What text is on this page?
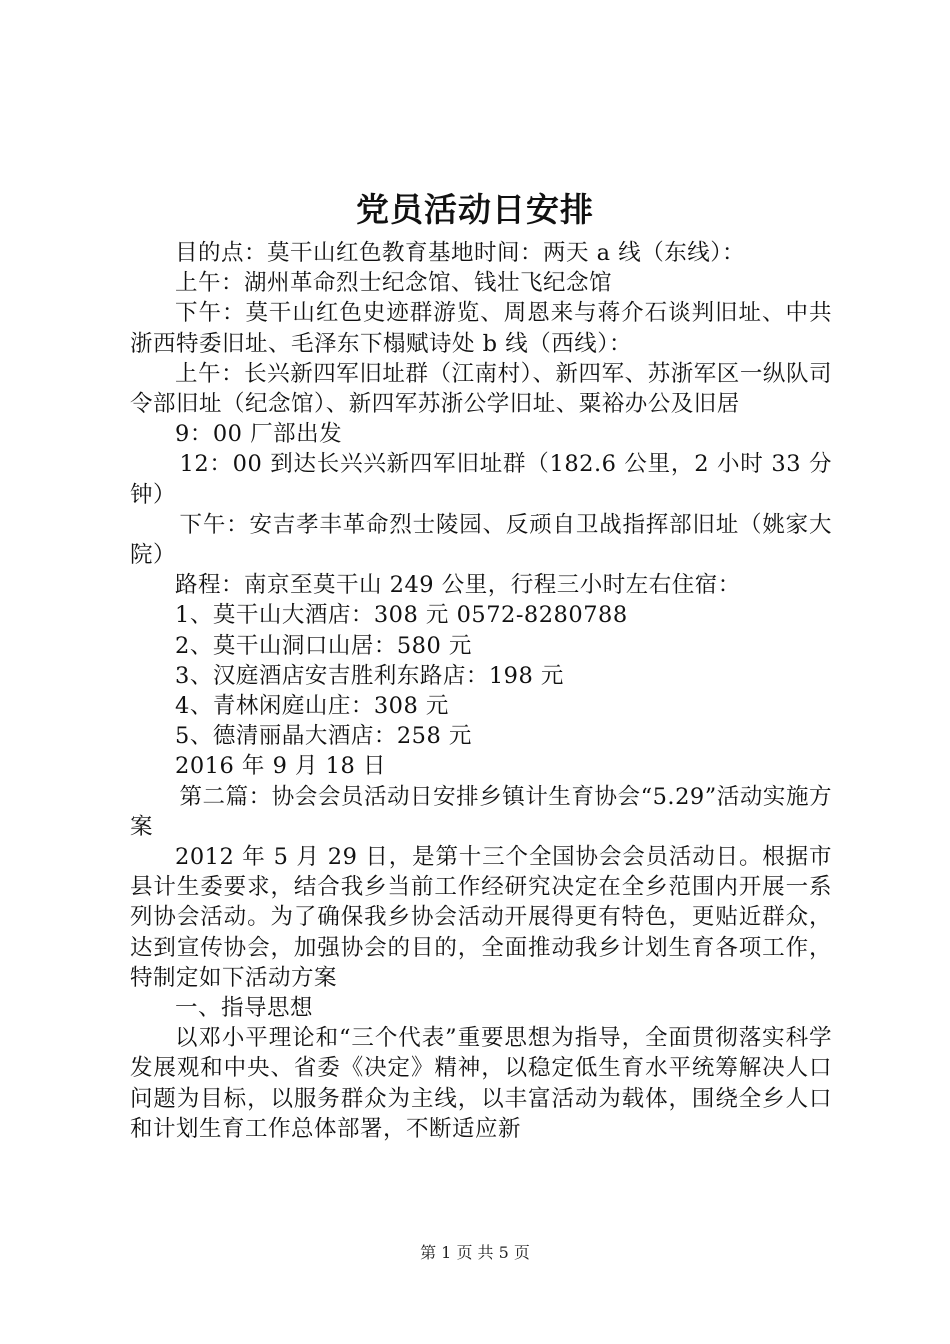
党员活动日安排

目的点：莫干山红色教育基地时间：两天 a 线（东线）：

上午：湖州革命烈士纪念馆、钱壮飞纪念馆

下午：莫干山红色史迹群游览、周恩来与蒋介石谈判旧址、中共浙西特委旧址、毛泽东下榻赋诗处 b 线（西线）：

上午：长兴新四军旧址群（江南村）、新四军、苏浙军区一纵队司令部旧址（纪念馆）、新四军苏浙公学旧址、粟裕办公及旧居

9：00 厂部出发

12：00 到达长兴兴新四军旧址群（182.6 公里，2 小时 33 分钟）

下午：安吉孝丰革命烈士陵园、反顽自卫战指挥部旧址（姚家大院）

路程：南京至莫干山 249 公里，行程三小时左右住宿：

1、莫干山大酒店：308 元 0572-8280788

2、莫干山洞口山居：580 元

3、汉庭酒店安吉胜利东路店：198 元

4、青林闲庭山庄：308 元

5、德清丽晶大酒店：258 元

2016 年 9 月 18 日

第二篇：协会会员活动日安排乡镇计生育协会“5.29”活动实施方案

2012 年 5 月 29 日，是第十三个全国协会会员活动日。根据市县计生委要求，结合我乡当前工作经研究决定在全乡范围内开展一系列协会活动。为了确保我乡协会活动开展得更有特色，更贴近群众，达到宣传协会，加强协会的目的，全面推动我乡计划生育各项工作，特制定如下活动方案

一、指导思想

以邓小平理论和“三个代表”重要思想为指导，全面贯彻落实科学发展观和中央、省委《决定》精神，以稳定低生育水平统筹解决人口问题为目标，以服务群众为主线，以丰富活动为载体，围绕全乡人口和计划生育工作总体部署，不断适应新

第 1 页 共 5 页
